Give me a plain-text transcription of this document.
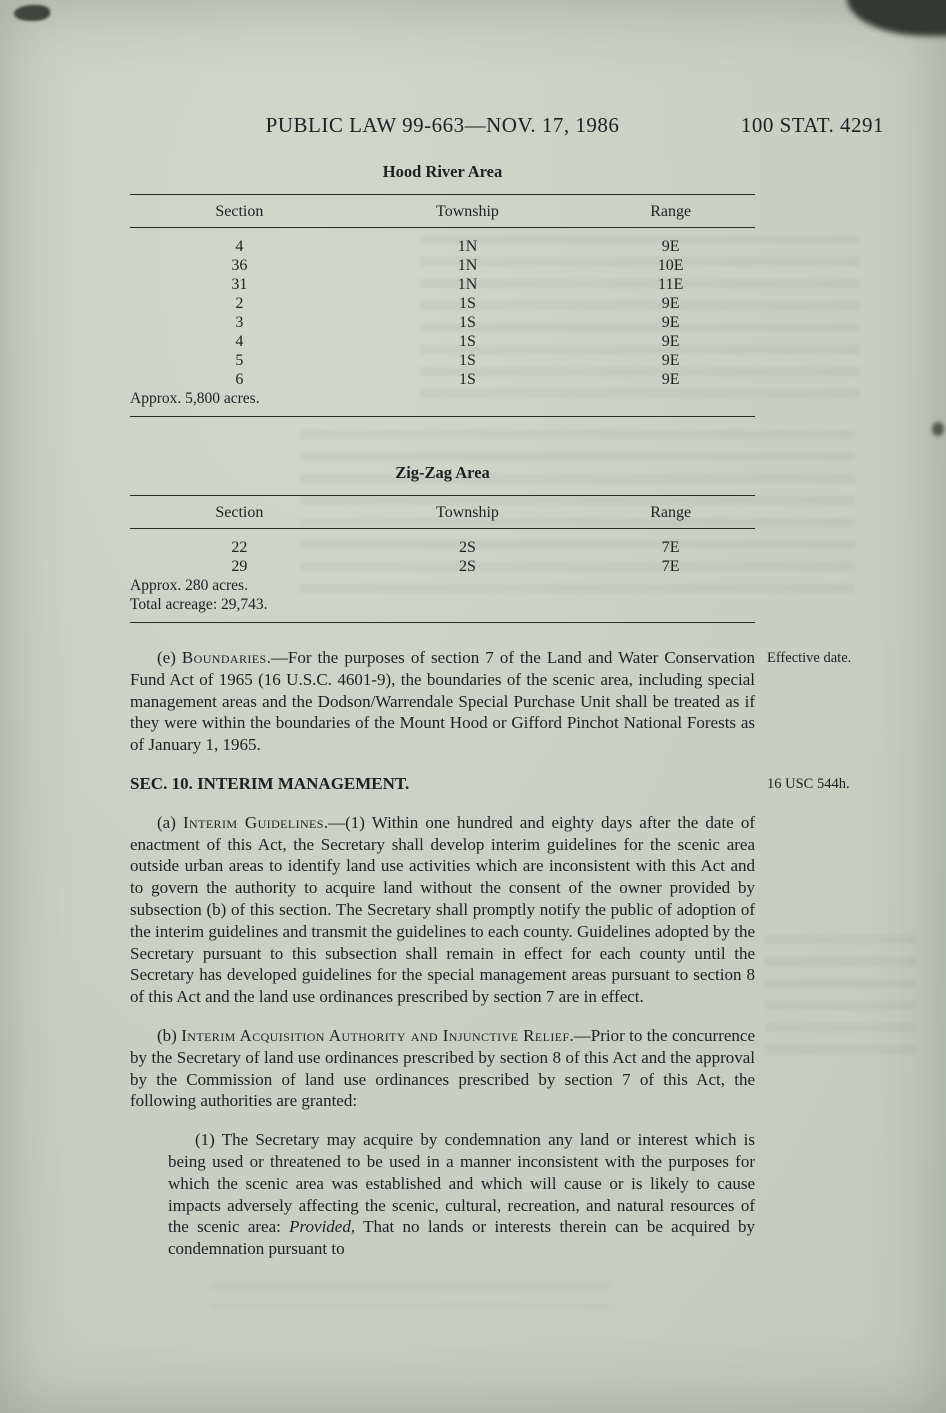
PUBLIC LAW 99-663—NOV. 17, 1986	100 STAT. 4291
Hood River Area
Section	Township	Range
4	1N	9E
36	1N	10E
31	1N	11E
2	1S	9E
3	1S	9E
4	1S	9E
5	1S	9E
6	1S	9E
Approx. 5,800 acres.
Zig-Zag Area
Section	Township	Range
22	2S	7E
29	2S	7E
Approx. 280 acres.
Total acreage: 29,743.

(e) Boundaries.—For the purposes of section 7 of the Land and Water Conservation Fund Act of 1965 (16 U.S.C. 4601-9), the boundaries of the scenic area, including special management areas and the Dodson/Warrendale Special Purchase Unit shall be treated as if they were within the boundaries of the Mount Hood or Gifford Pinchot National Forests as of January 1, 1965.

Effective date.

SEC. 10. INTERIM MANAGEMENT.	16 USC 544h.

(a) Interim Guidelines.—(1) Within one hundred and eighty days after the date of enactment of this Act, the Secretary shall develop interim guidelines for the scenic area outside urban areas to identify land use activities which are inconsistent with this Act and to govern the authority to acquire land without the consent of the owner provided by subsection (b) of this section. The Secretary shall promptly notify the public of adoption of the interim guidelines and transmit the guidelines to each county. Guidelines adopted by the Secretary pursuant to this subsection shall remain in effect for each county until the Secretary has developed guidelines for the special management areas pursuant to section 8 of this Act and the land use ordinances prescribed by section 7 are in effect.

(b) Interim Acquisition Authority and Injunctive Relief.—Prior to the concurrence by the Secretary of land use ordinances prescribed by section 8 of this Act and the approval by the Commission of land use ordinances prescribed by section 7 of this Act, the following authorities are granted:

(1) The Secretary may acquire by condemnation any land or interest which is being used or threatened to be used in a manner inconsistent with the purposes for which the scenic area was established and which will cause or is likely to cause impacts adversely affecting the scenic, cultural, recreation, and natural resources of the scenic area: Provided, That no lands or interests therein can be acquired by condemnation pursuant to
